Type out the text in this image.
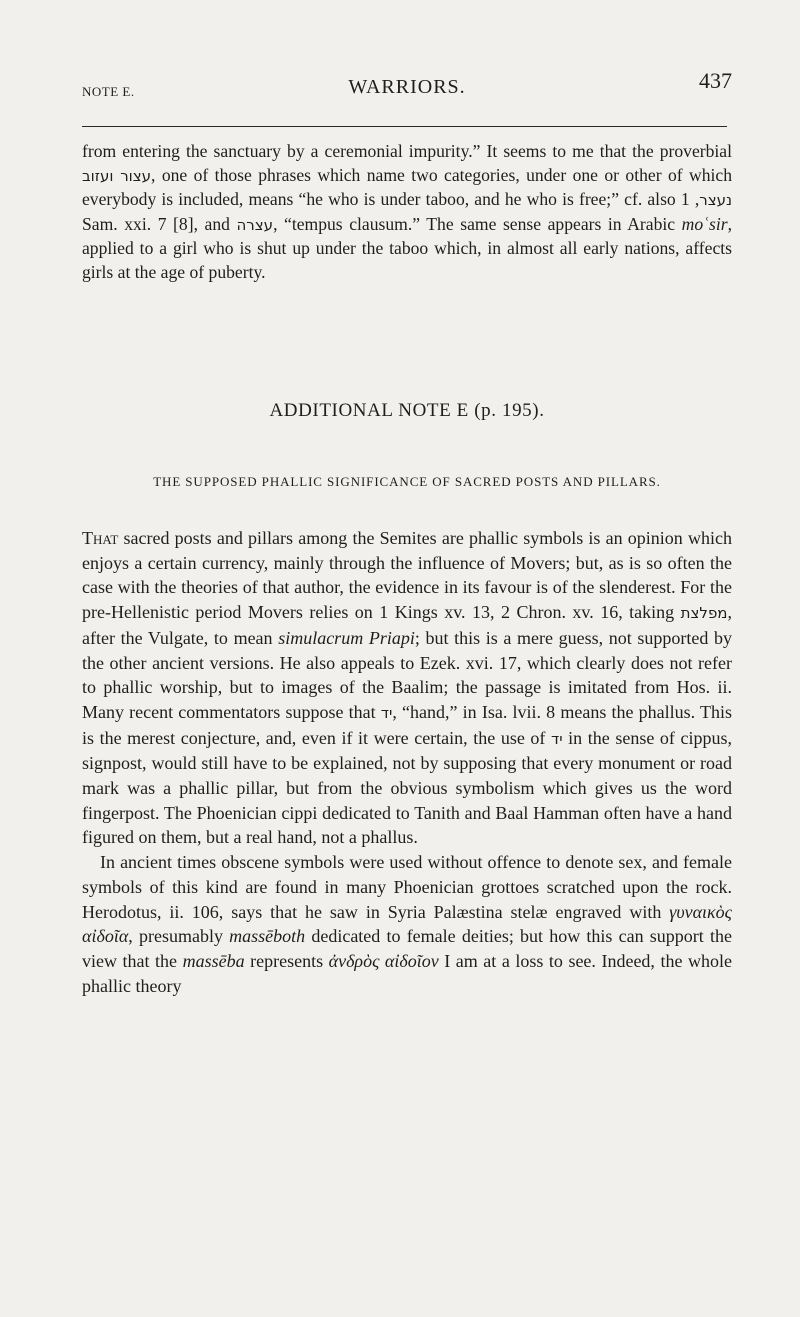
NOTE E.	WARRIORS.	437

from entering the sanctuary by a ceremonial impurity.” It seems to me that the proverbial עצור ועזוב, one of those phrases which name two categories, under one or other of which everybody is included, means “he who is under taboo, and he who is free;” cf. also נעצר, 1 Sam. xxi. 7 [8], and עצרה, “tempus clausum.” The same sense appears in Arabic moʿsir, applied to a girl who is shut up under the taboo which, in almost all early nations, affects girls at the age of puberty.

ADDITIONAL NOTE E (p. 195).
THE SUPPOSED PHALLIC SIGNIFICANCE OF SACRED POSTS AND PILLARS.

That sacred posts and pillars among the Semites are phallic symbols is an opinion which enjoys a certain currency, mainly through the influence of Movers; but, as is so often the case with the theories of that author, the evidence in its favour is of the slenderest. For the pre-Hellenistic period Movers relies on 1 Kings xv. 13, 2 Chron. xv. 16, taking מפלצת, after the Vulgate, to mean simulacrum Priapi; but this is a mere guess, not supported by the other ancient versions. He also appeals to Ezek. xvi. 17, which clearly does not refer to phallic worship, but to images of the Baalim; the passage is imitated from Hos. ii. Many recent commentators suppose that יד, “hand,” in Isa. lvii. 8 means the phallus. This is the merest conjecture, and, even if it were certain, the use of יד in the sense of cippus, signpost, would still have to be explained, not by supposing that every monument or road mark was a phallic pillar, but from the obvious symbolism which gives us the word fingerpost. The Phoenician cippi dedicated to Tanith and Baal Hamman often have a hand figured on them, but a real hand, not a phallus.

In ancient times obscene symbols were used without offence to denote sex, and female symbols of this kind are found in many Phoenician grottoes scratched upon the rock. Herodotus, ii. 106, says that he saw in Syria Palæstina stelæ engraved with γυναικὸς αἰδοῖα, presumably massēboth dedicated to female deities; but how this can support the view that the massēba represents ἀνδρὸς αἰδοῖον I am at a loss to see. Indeed, the whole phallic theory
